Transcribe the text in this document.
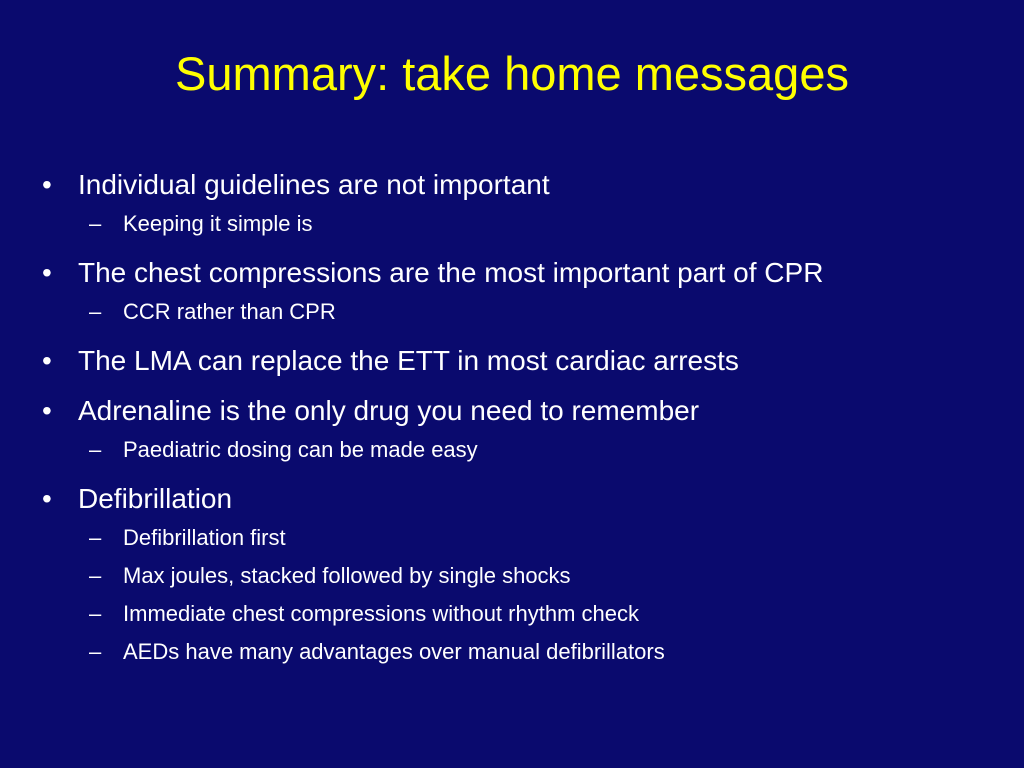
Summary: take home messages
• Individual guidelines are not important
– Keeping it simple is
• The chest compressions are the most important part of CPR
– CCR rather than CPR
• The LMA can replace the ETT in most cardiac arrests
• Adrenaline is the only drug you need to remember
– Paediatric dosing can be made easy
• Defibrillation
– Defibrillation first
– Max joules, stacked followed by single shocks
– Immediate chest compressions without rhythm check
– AEDs have many advantages over manual defibrillators
